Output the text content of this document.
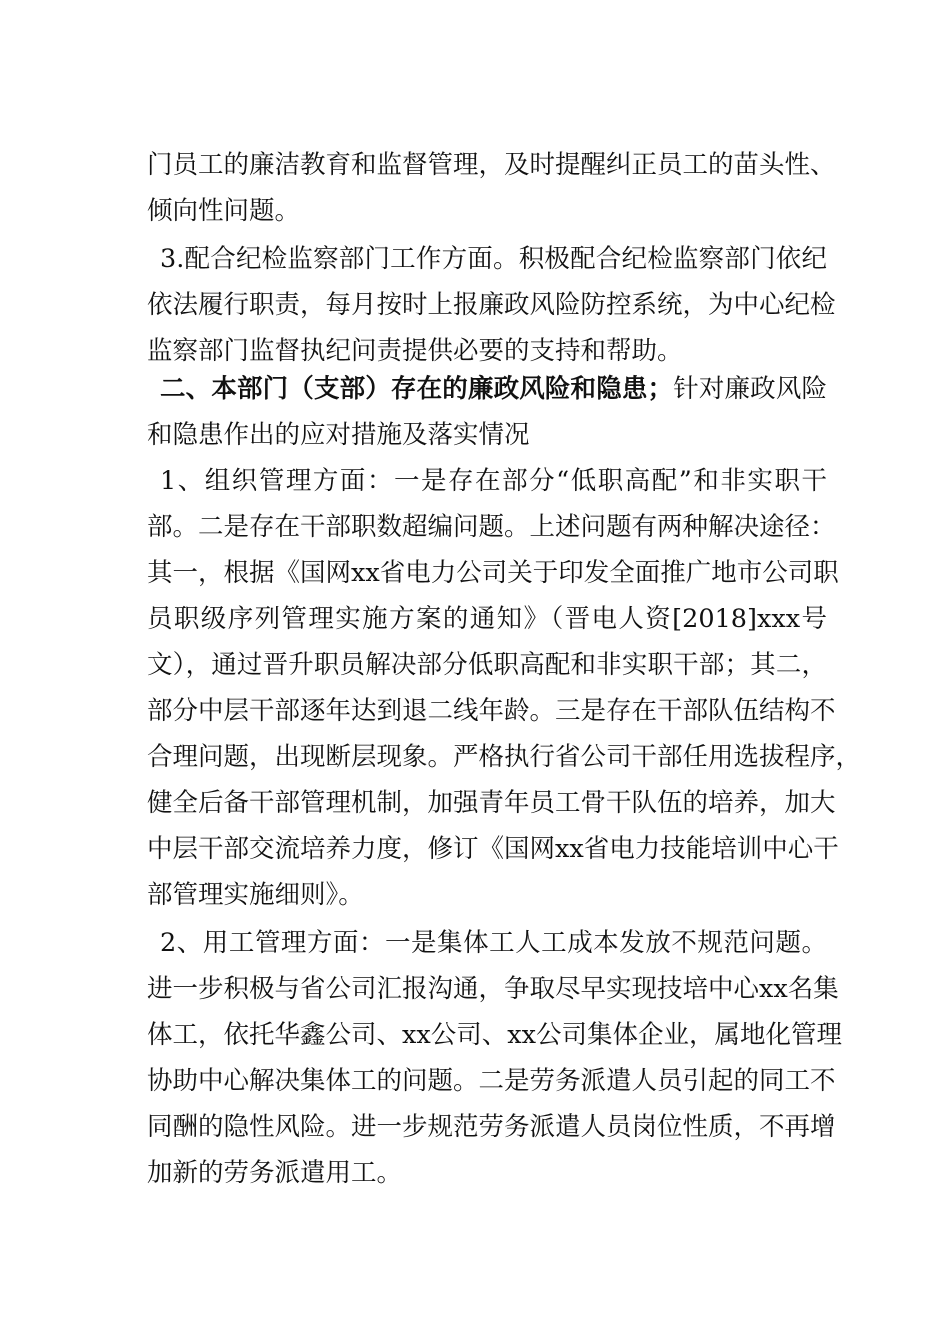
门员工的廉洁教育和监督管理，及时提醒纠正员工的苗头性、

倾向性问题。

3.配合纪检监察部门工作方面。积极配合纪检监察部门依纪

依法履行职责，每月按时上报廉政风险防控系统，为中心纪检

监察部门监督执纪问责提供必要的支持和帮助。

二、本部门（支部）存在的廉政风险和隐患；针对廉政风险

和隐患作出的应对措施及落实情况

1、组织管理方面：一是存在部分“低职高配”和非实职干

部。二是存在干部职数超编问题。上述问题有两种解决途径：

其一，根据《国网xx省电力公司关于印发全面推广地市公司职

员职级序列管理实施方案的通知》（晋电人资[2018]xxx号

文），通过晋升职员解决部分低职高配和非实职干部；其二，

部分中层干部逐年达到退二线年龄。三是存在干部队伍结构不

合理问题，出现断层现象。严格执行省公司干部任用选拔程序，

健全后备干部管理机制，加强青年员工骨干队伍的培养，加大

中层干部交流培养力度，修订《国网xx省电力技能培训中心干

部管理实施细则》。

2、用工管理方面：一是集体工人工成本发放不规范问题。

进一步积极与省公司汇报沟通，争取尽早实现技培中心xx名集

体工，依托华鑫公司、xx公司、xx公司集体企业，属地化管理

协助中心解决集体工的问题。二是劳务派遣人员引起的同工不

同酬的隐性风险。进一步规范劳务派遣人员岗位性质，不再增

加新的劳务派遣用工。
